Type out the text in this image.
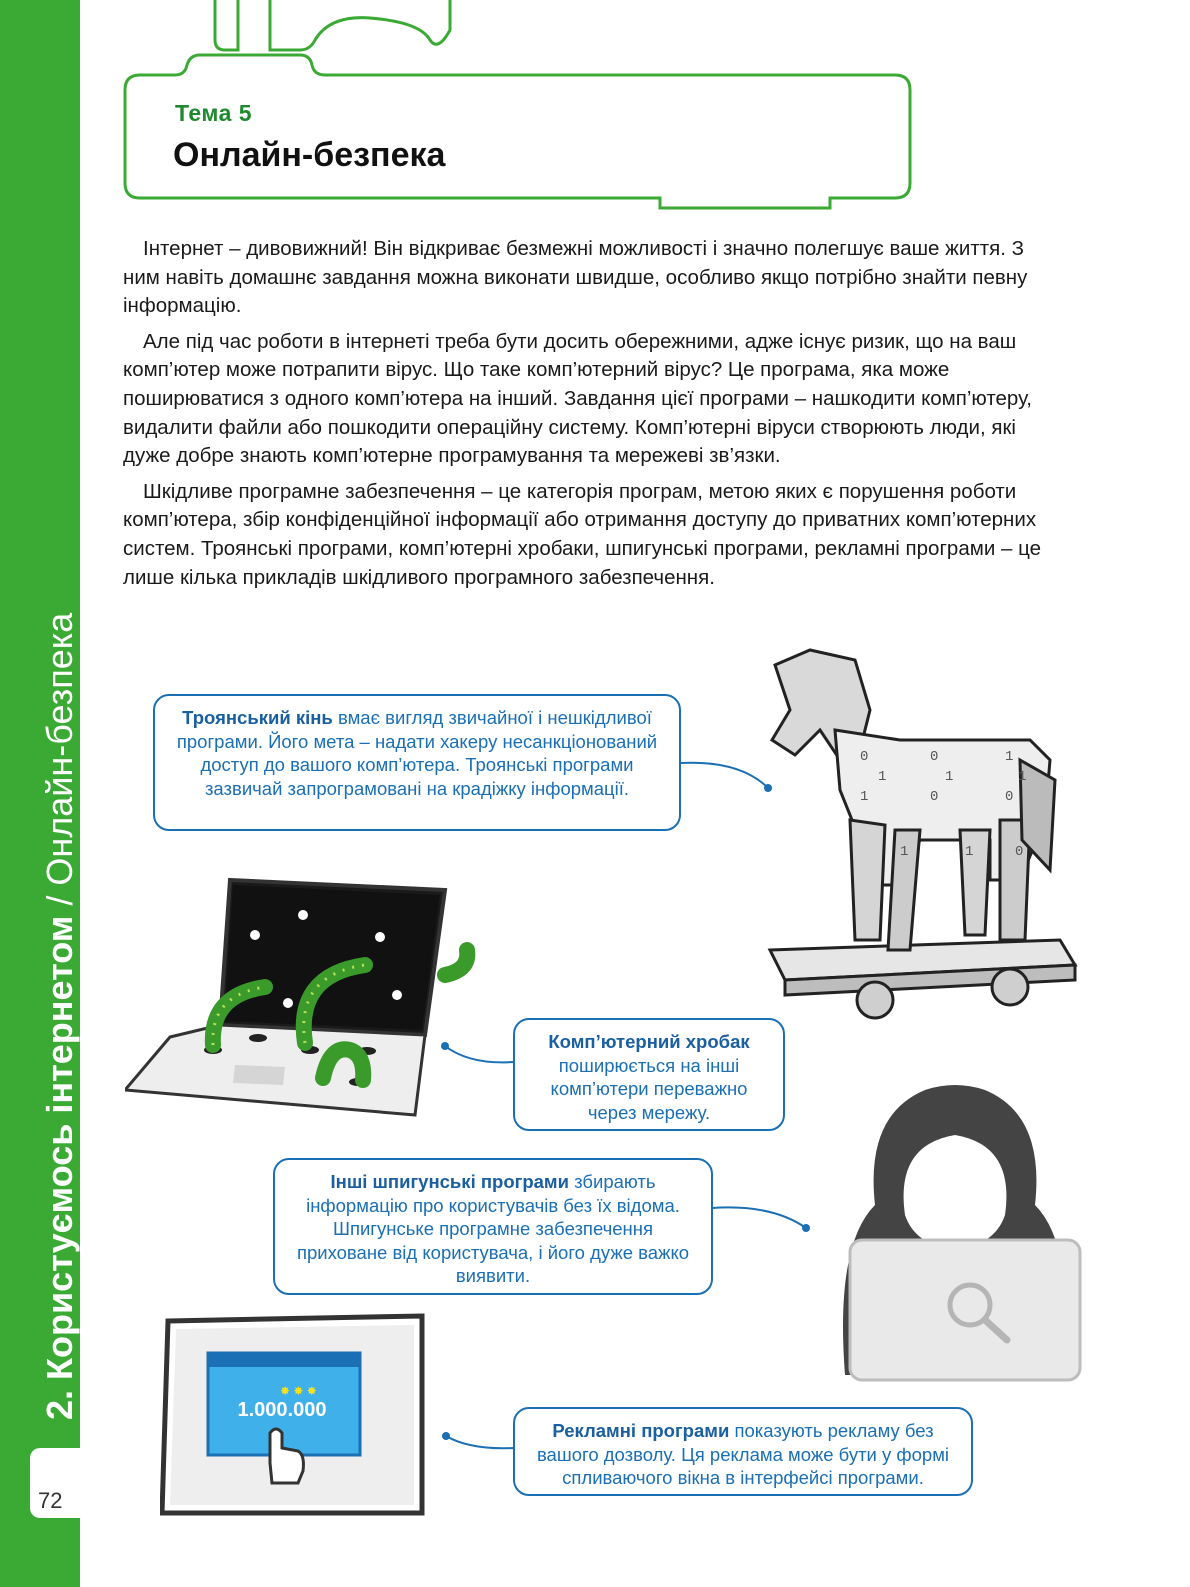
2. Користуємось інтернетом / Онлайн-безпека
72
Тема 5
Онлайн-безпека

Інтернет – дивовижний! Він відкриває безмежні можливості і значно полегшує ваше життя. З ним навіть домашнє завдання можна виконати швидше, особливо якщо потрібно знайти певну інформацію.

Але під час роботи в інтернеті треба бути досить обережними, адже існує ризик, що на ваш комп’ютер може потрапити вірус. Що таке комп’ютерний вірус? Це програма, яка може поширюватися з одного комп’ютера на інший. Завдання цієї програми – нашкодити комп’ютеру, видалити файли або пошкодити операційну систему. Комп’ютерні віруси створюють люди, які дуже добре знають комп’ютерне програмування та мережеві зв’язки.

Шкідливе програмне забезпечення – це категорія програм, метою яких є порушення роботи комп’ютера, збір конфіденційної інформації або отримання доступу до приватних комп’ютерних систем. Троянські програми, комп’ютерні хробаки, шпигунські програми, рекламні програми – це лише кілька прикладів шкідливого програмного забезпечення.

0
1
1
0
1
0
1
1
0
1	0
1
Троянський кінь вмає вигляд звичайної і нешкідливої програми. Його мета – надати хакеру несанкціонований доступ до вашого комп’ютера. Троянські програми зазвичай запрограмовані на крадіжку інформації.
Комп’ютерний хробак поширюється на інші комп’ютери переважно через мережу.
Інші шпигунські програми збирають інформацію про користувачів без їх відома. Шпигунське програмне забезпечення приховане від користувача, і його дуже важко виявити.
✸ ✸ ✸
1.000.000
Рекламні програми показують рекламу без вашого дозволу. Ця реклама може бути у формі спливаючого вікна в інтерфейсі програми.
